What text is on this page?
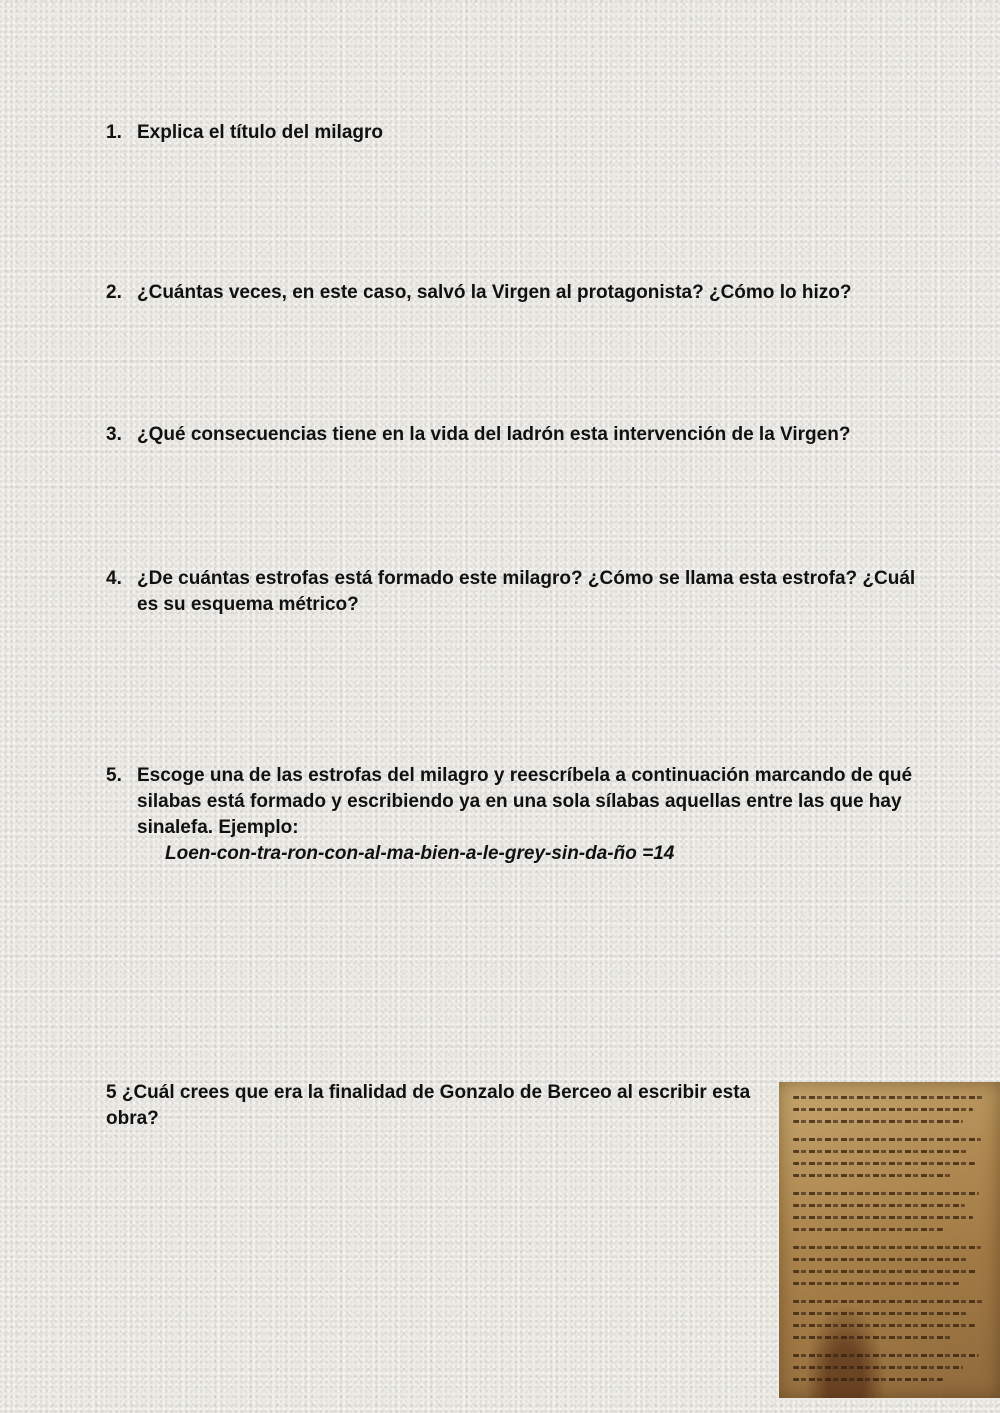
1. Explica el título del milagro
2. ¿Cuántas veces, en este caso, salvó la Virgen al protagonista? ¿Cómo lo hizo?
3. ¿Qué consecuencias tiene en la vida del ladrón esta intervención de la Virgen?
4. ¿De cuántas estrofas está formado este milagro? ¿Cómo se llama esta estrofa? ¿Cuál es su esquema métrico?
5. Escoge una de las estrofas del milagro y reescríbela a continuación marcando de qué silabas está formado y escribiendo ya en una sola sílabas aquellas entre las que hay sinalefa. Ejemplo:
Loen-con-tra-ron-con-al-ma-bien-a-le-grey-sin-da-ño =14
5 ¿Cuál crees que era la finalidad de Gonzalo de Berceo al escribir esta obra?
